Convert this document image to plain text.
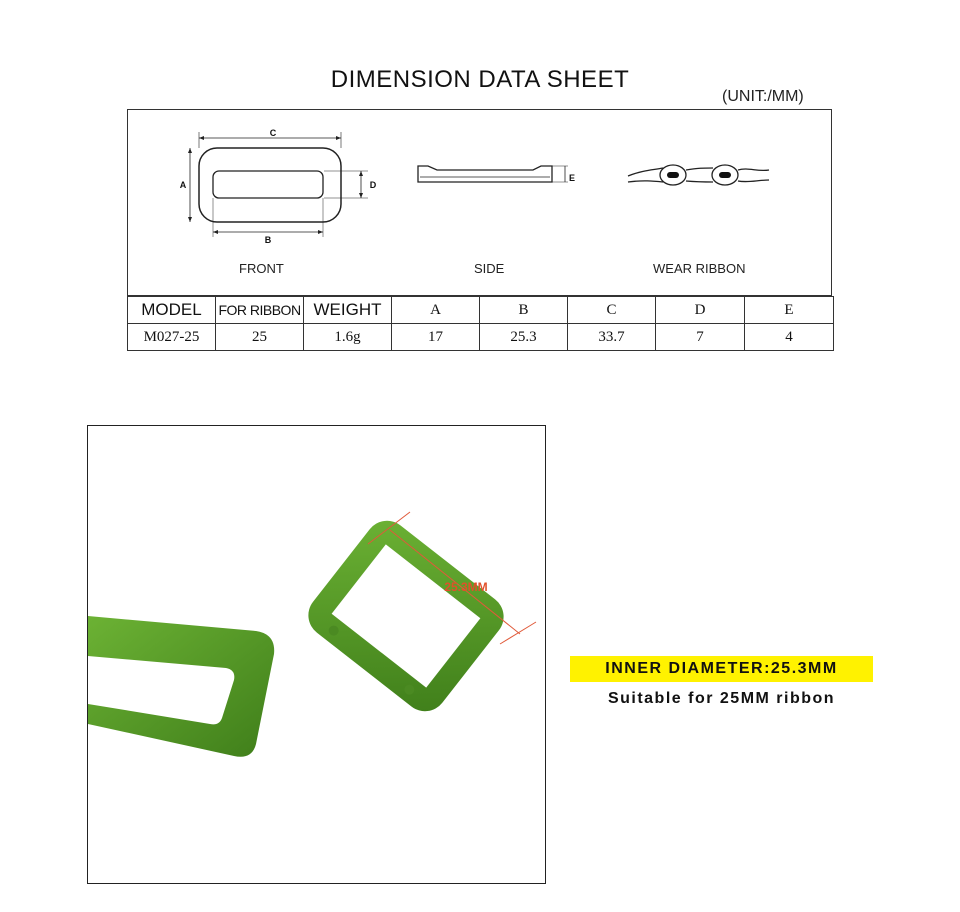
DIMENSION DATA SHEET
(UNIT:/MM)
C
A	D
B
E
FRONT	SIDE	WEAR RIBBON
MODEL	FOR RIBBON	WEIGHT	A	B	C	D	E
M027-25	25	1.6g	17	25.3	33.7	7	4
25.3MM
INNER DIAMETER:25.3MM
Suitable for 25MM ribbon
